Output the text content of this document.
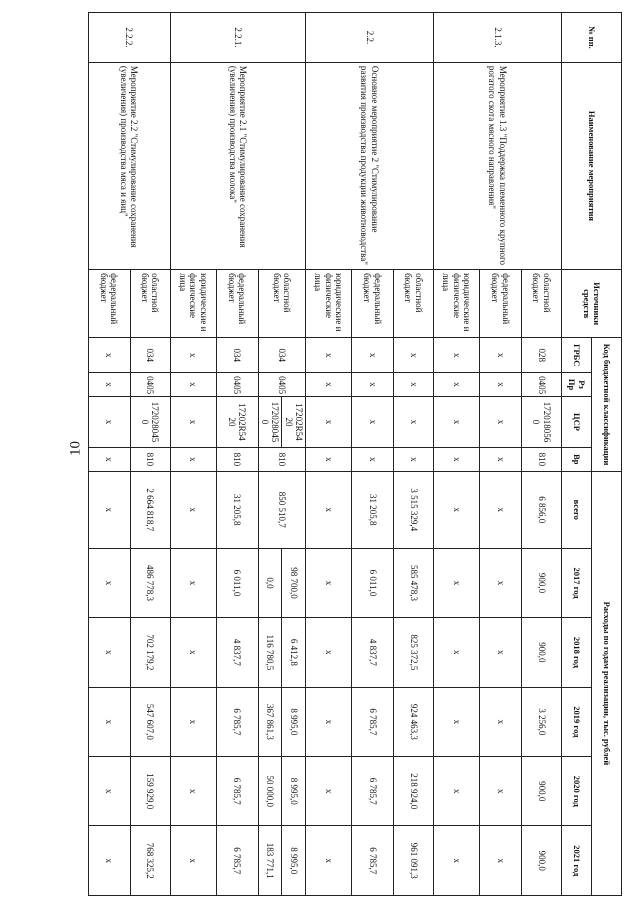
10
№ пп.	Наименование мероприятия	Источники средств	Код бюджетной классификации				Расходы по годам реализации, тыс. рублей					
			ГРБС	Рз Пр	ЦСР	Вр	всего	2017 год	2018 год	2019 год	2020 год	2021 год
2.1.3.	Мероприятие 1.3 "Поддержка племенного крупного рогатого скота мясного направления"	областной бюджет	028	0405	172018056 0	810	6 856,0	900,0	900,0	3 256,0	900,0	900,0
		федеральный бюджет	x	x	x	x	x	x	x	x	x	x
		юридические и физические лица	x	x	x	x	x	x	x	x	x	x
2.2.	Основное мероприятие 2 "Стимулирование развития производства продукции животноводства"	областной бюджет	x	x	x	x	3 515 329,4	585 478,3	825 372,5	924 463,3	218 924,0	961 091,3
		федеральный бюджет	x	x	x	x	31 205,8	6 011,0	4 837,7	6 785,7	6 785,7	6 785,7
		юридические и физические лица	x	x	x	x	x	x	x	x	x	x
2.2.1.	Мероприятие 2.1 "Стимулирование сохранения (увеличения) производства молока"	областной бюджет	034	0405	17202R54 20	810	850 510,7	98 700,0	6 412,8	8 995,0	8 995,0	8 995,0
					172028045 0			0,0	116 780,5	367 861,3	50 000,0	183 771,1
		федеральный бюджет	034	0405	17202R54 20	810	31 205,8	6 011,0	4 837,7	6 785,7	6 785,7	6 785,7
		юридические и физические лица	x	x	x	x	x	x	x	x	x	x
2.2.2.	Мероприятие 2.2 "Стимулирование сохранения (увеличения) производства мяса и яиц"	областной бюджет	034	0405	172028045 0	810	2 664 818,7	486 778,3	702 179,2	547 607,0	159 929,0	768 325,2
		федеральный бюджет	x	x	x	x	x	x	x	x	x	x
